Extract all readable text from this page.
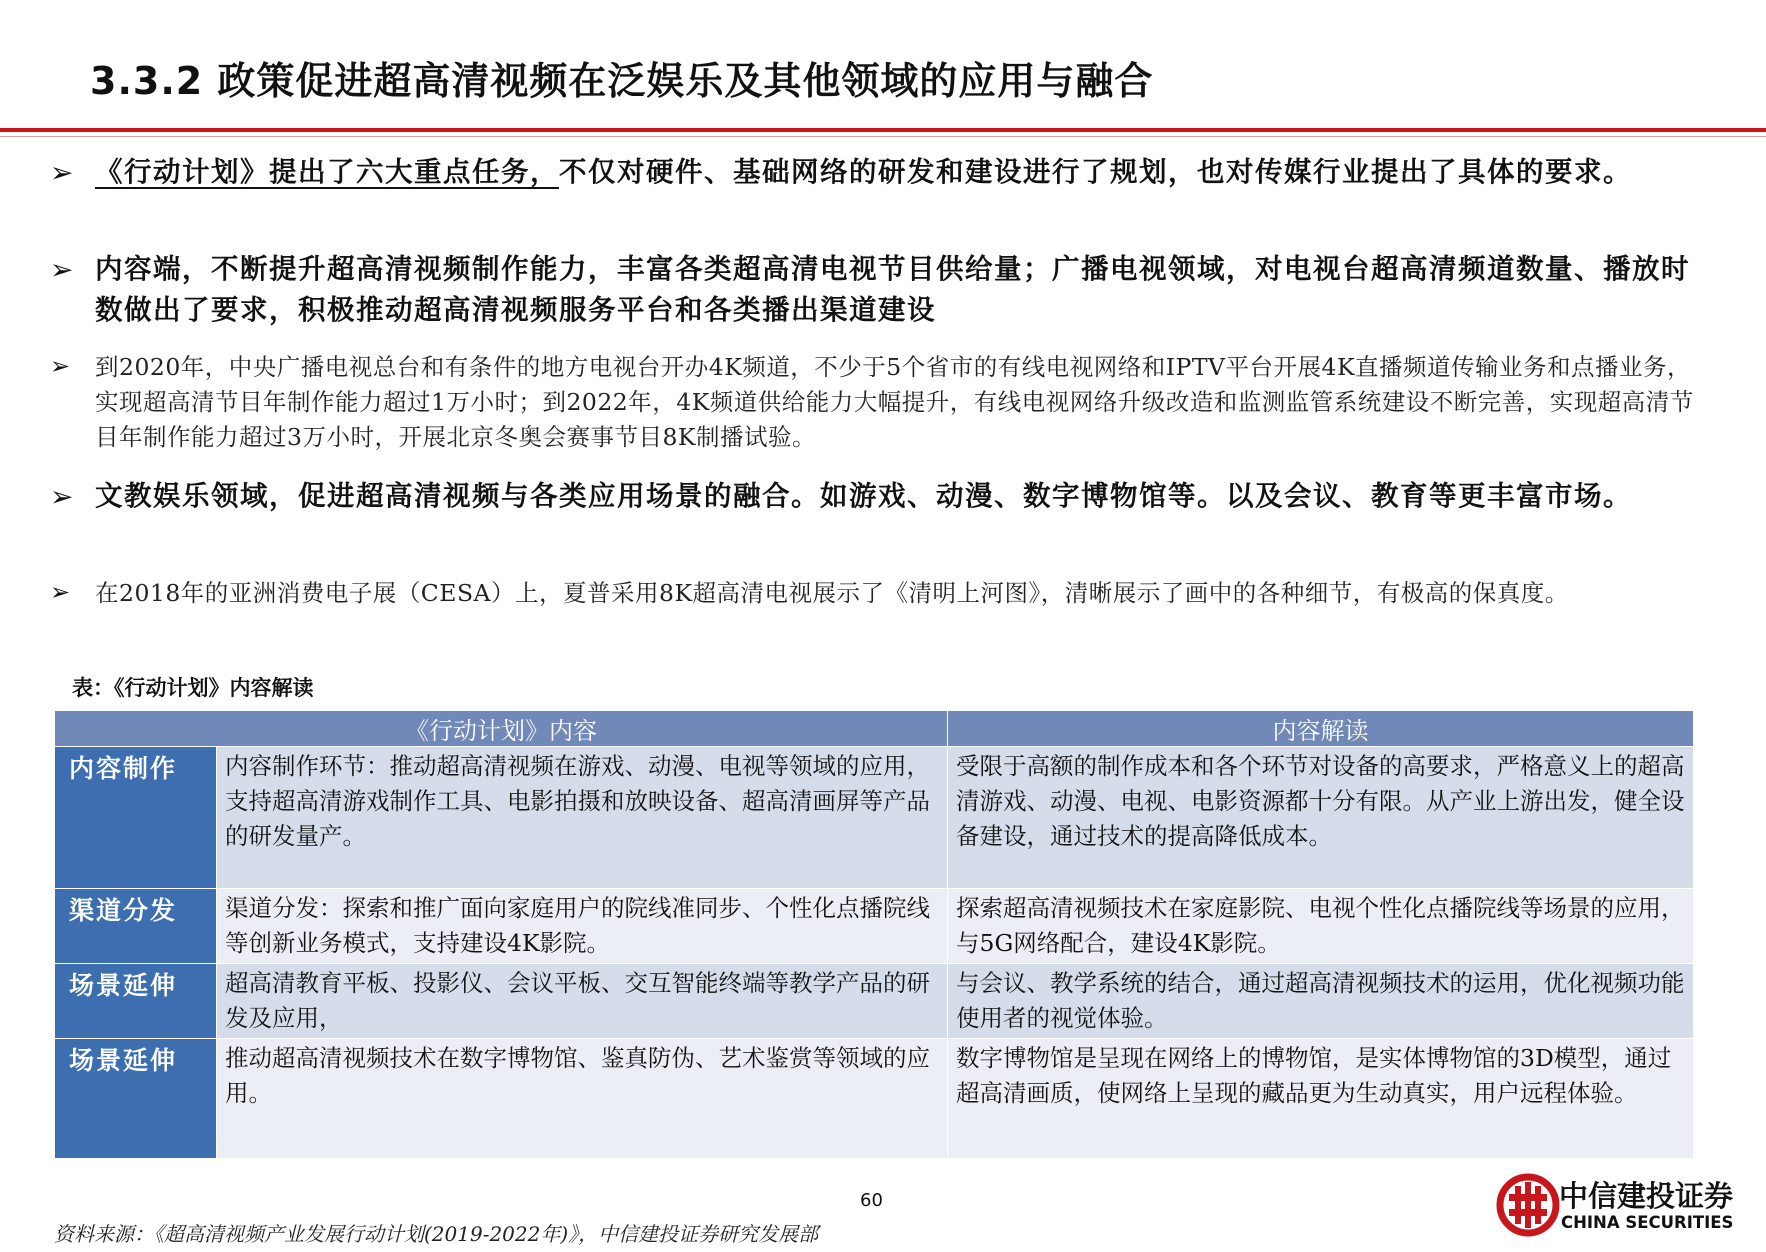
3.3.2 政策促进超高清视频在泛娱乐及其他领域的应用与融合
➢ 《行动计划》提出了六大重点任务，不仅对硬件、基础网络的研发和建设进行了规划，也对传媒行业提出了具体的要求。
➢ 内容端，不断提升超高清视频制作能力，丰富各类超高清电视节目供给量；广播电视领域，对电视台超高清频道数量、播放时数做出了要求，积极推动超高清视频服务平台和各类播出渠道建设
➢ 到2020年，中央广播电视总台和有条件的地方电视台开办4K频道，不少于5个省市的有线电视网络和IPTV平台开展4K直播频道传输业务和点播业务，实现超高清节目年制作能力超过1万小时；到2022年，4K频道供给能力大幅提升，有线电视网络升级改造和监测监管系统建设不断完善，实现超高清节目年制作能力超过3万小时，开展北京冬奥会赛事节目8K制播试验。
➢ 文教娱乐领域，促进超高清视频与各类应用场景的融合。如游戏、动漫、数字博物馆等。以及会议、教育等更丰富市场。
➢ 在2018年的亚洲消费电子展（CESA）上，夏普采用8K超高清电视展示了《清明上河图》，清晰展示了画中的各种细节，有极高的保真度。
表：《行动计划》内容解读
《行动计划》内容		内容解读
内容制作	内容制作环节：推动超高清视频在游戏、动漫、电视等领域的应用，支持超高清游戏制作工具、电影拍摄和放映设备、超高清画屏等产品的研发量产。	受限于高额的制作成本和各个环节对设备的高要求，严格意义上的超高清游戏、动漫、电视、电影资源都十分有限。从产业上游出发，健全设备建设，通过技术的提高降低成本。
渠道分发	渠道分发：探索和推广面向家庭用户的院线准同步、个性化点播院线等创新业务模式，支持建设4K影院。	探索超高清视频技术在家庭影院、电视个性化点播院线等场景的应用，与5G网络配合，建设4K影院。
场景延伸	超高清教育平板、投影仪、会议平板、交互智能终端等教学产品的研发及应用，	与会议、教学系统的结合，通过超高清视频技术的运用，优化视频功能使用者的视觉体验。
场景延伸	推动超高清视频技术在数字博物馆、鉴真防伪、艺术鉴赏等领域的应用。	数字博物馆是呈现在网络上的博物馆，是实体博物馆的3D模型，通过超高清画质，使网络上呈现的藏品更为生动真实，用户远程体验。
60
资料来源：《超高清视频产业发展行动计划(2019-2022年)》，中信建投证券研究发展部
中信建投证券
CHINA SECURITIES
